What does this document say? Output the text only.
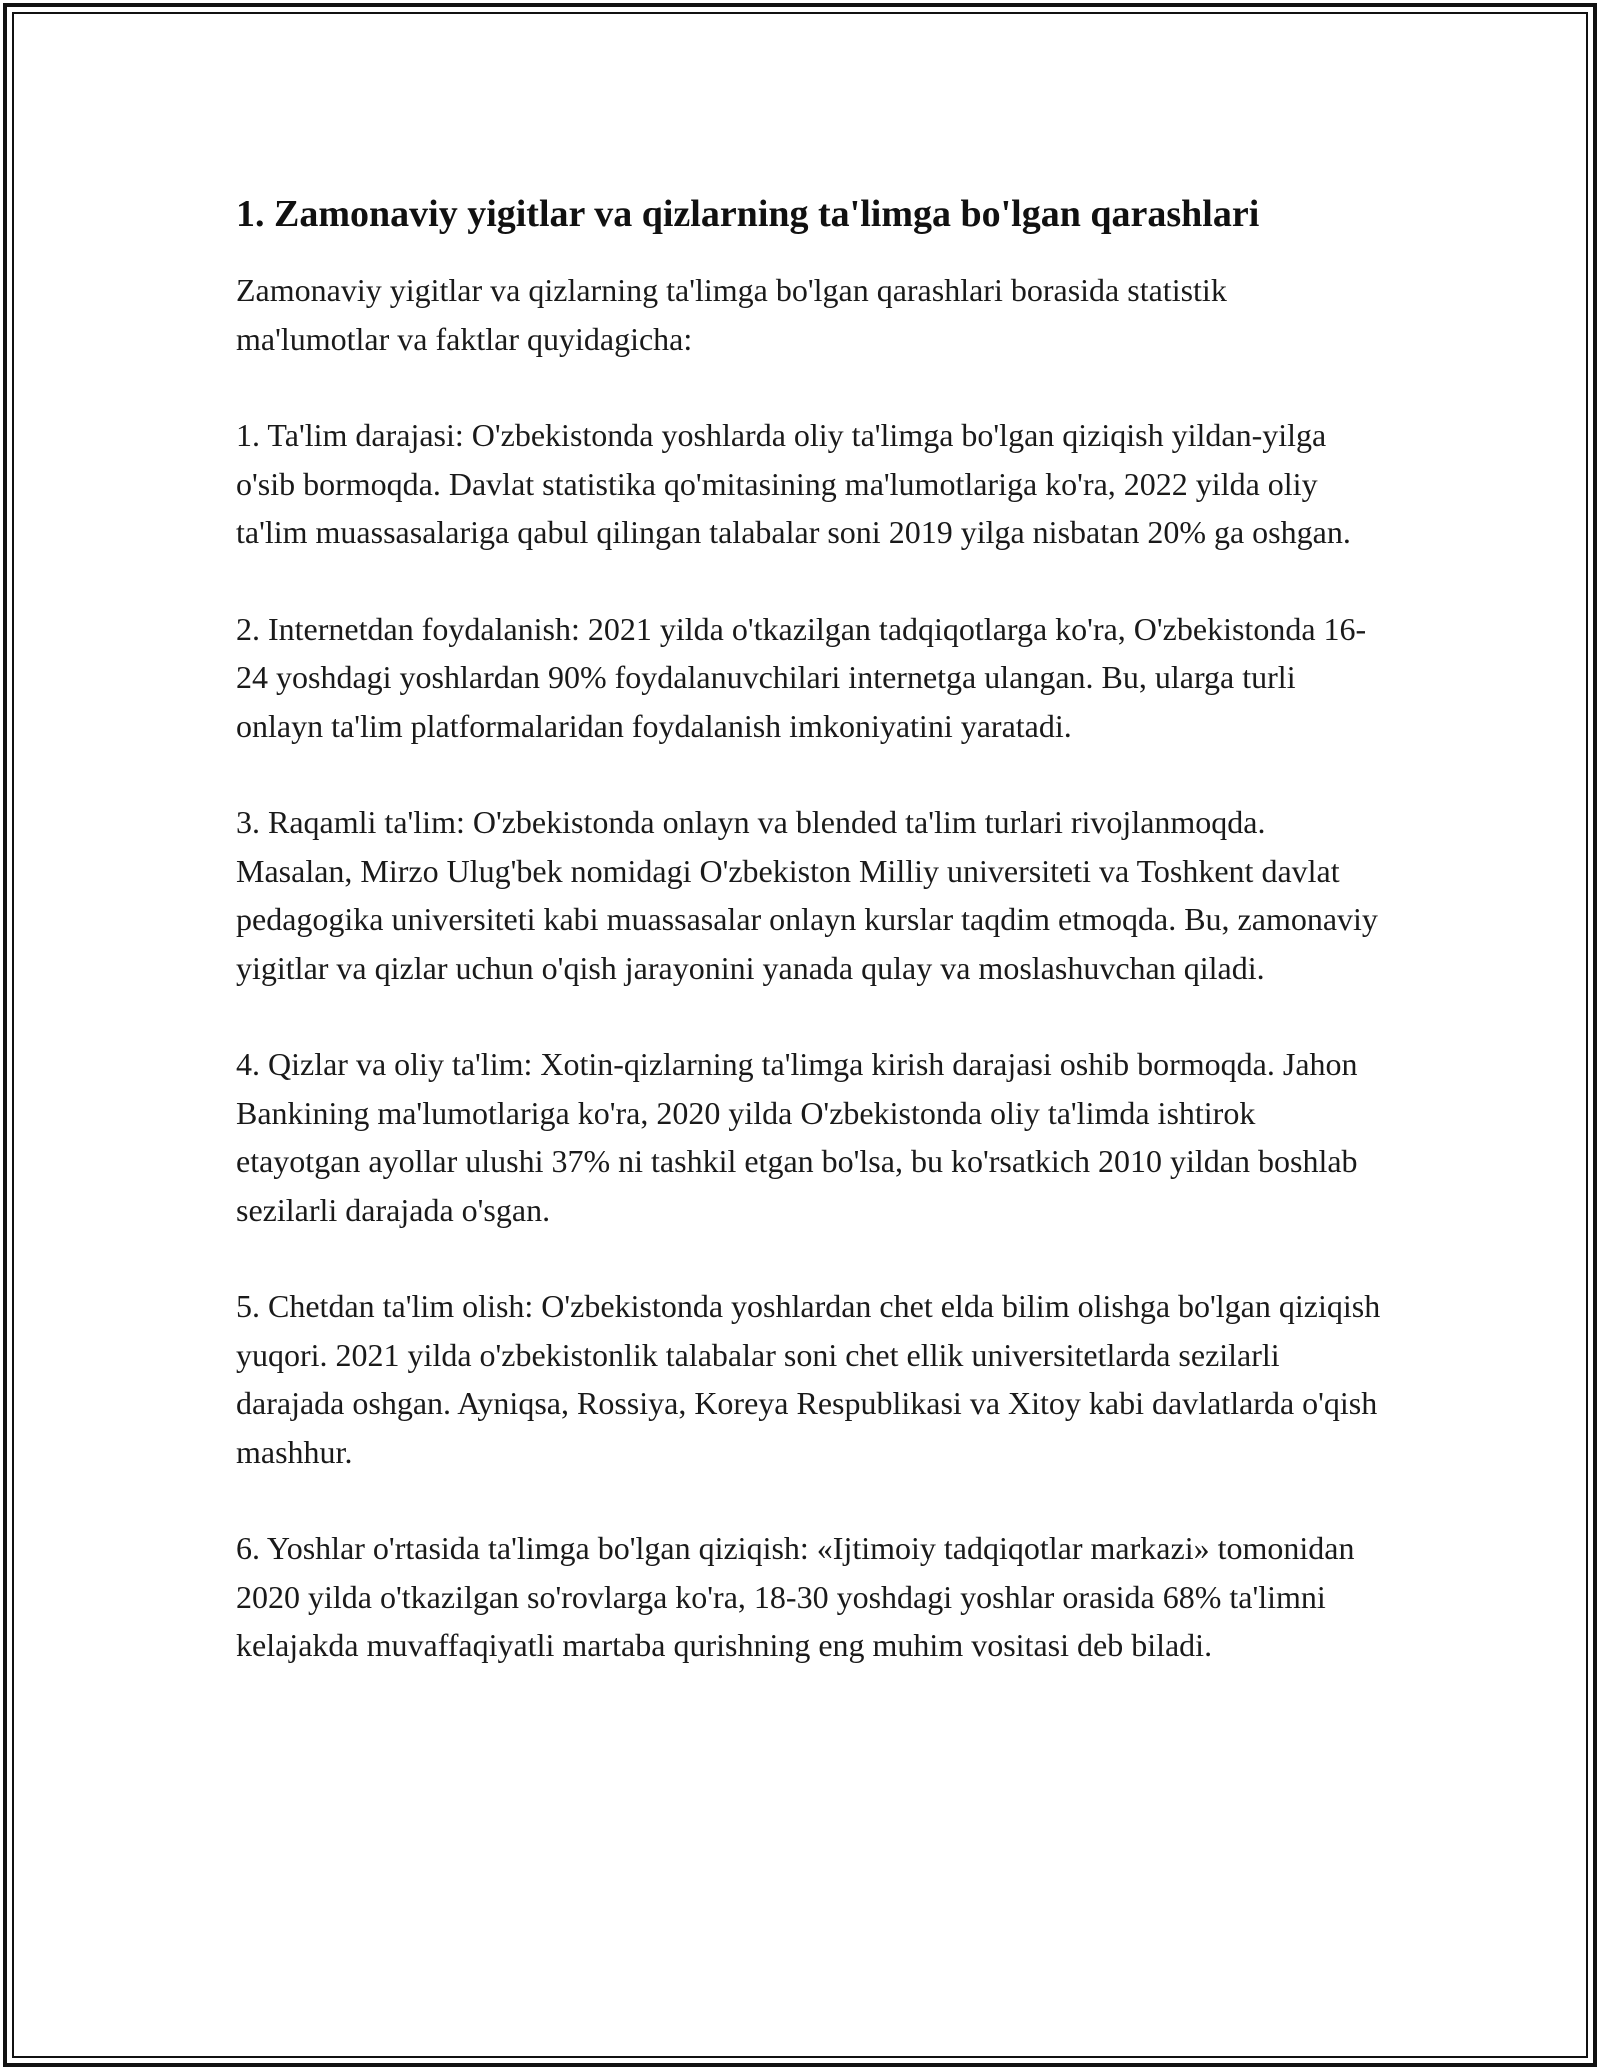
1. Zamonaviy yigitlar va qizlarning ta'limga bo'lgan qarashlari

Zamonaviy yigitlar va qizlarning ta'limga bo'lgan qarashlari borasida statistik ma'lumotlar va faktlar quyidagicha:

1. Ta'lim darajasi: O'zbekistonda yoshlarda oliy ta'limga bo'lgan qiziqish yildan-yilga o'sib bormoqda. Davlat statistika qo'mitasining ma'lumotlariga ko'ra, 2022 yilda oliy ta'lim muassasalariga qabul qilingan talabalar soni 2019 yilga nisbatan 20% ga oshgan.

2. Internetdan foydalanish: 2021 yilda o'tkazilgan tadqiqotlarga ko'ra, O'zbekistonda 16-24 yoshdagi yoshlardan 90% foydalanuvchilari internetga ulangan. Bu, ularga turli onlayn ta'lim platformalaridan foydalanish imkoniyatini yaratadi.

3. Raqamli ta'lim: O'zbekistonda onlayn va blended ta'lim turlari rivojlanmoqda. Masalan, Mirzo Ulug'bek nomidagi O'zbekiston Milliy universiteti va Toshkent davlat pedagogika universiteti kabi muassasalar onlayn kurslar taqdim etmoqda. Bu, zamonaviy yigitlar va qizlar uchun o'qish jarayonini yanada qulay va moslashuvchan qiladi.

4. Qizlar va oliy ta'lim: Xotin-qizlarning ta'limga kirish darajasi oshib bormoqda. Jahon Bankining ma'lumotlariga ko'ra, 2020 yilda O'zbekistonda oliy ta'limda ishtirok etayotgan ayollar ulushi 37% ni tashkil etgan bo'lsa, bu ko'rsatkich 2010 yildan boshlab sezilarli darajada o'sgan.

5. Chetdan ta'lim olish: O'zbekistonda yoshlardan chet elda bilim olishga bo'lgan qiziqish yuqori. 2021 yilda o'zbekistonlik talabalar soni chet ellik universitetlarda sezilarli darajada oshgan. Ayniqsa, Rossiya, Koreya Respublikasi va Xitoy kabi davlatlarda o'qish mashhur.

6. Yoshlar o'rtasida ta'limga bo'lgan qiziqish: «Ijtimoiy tadqiqotlar markazi» tomonidan 2020 yilda o'tkazilgan so'rovlarga ko'ra, 18-30 yoshdagi yoshlar orasida 68% ta'limni kelajakda muvaffaqiyatli martaba qurishning eng muhim vositasi deb biladi.
